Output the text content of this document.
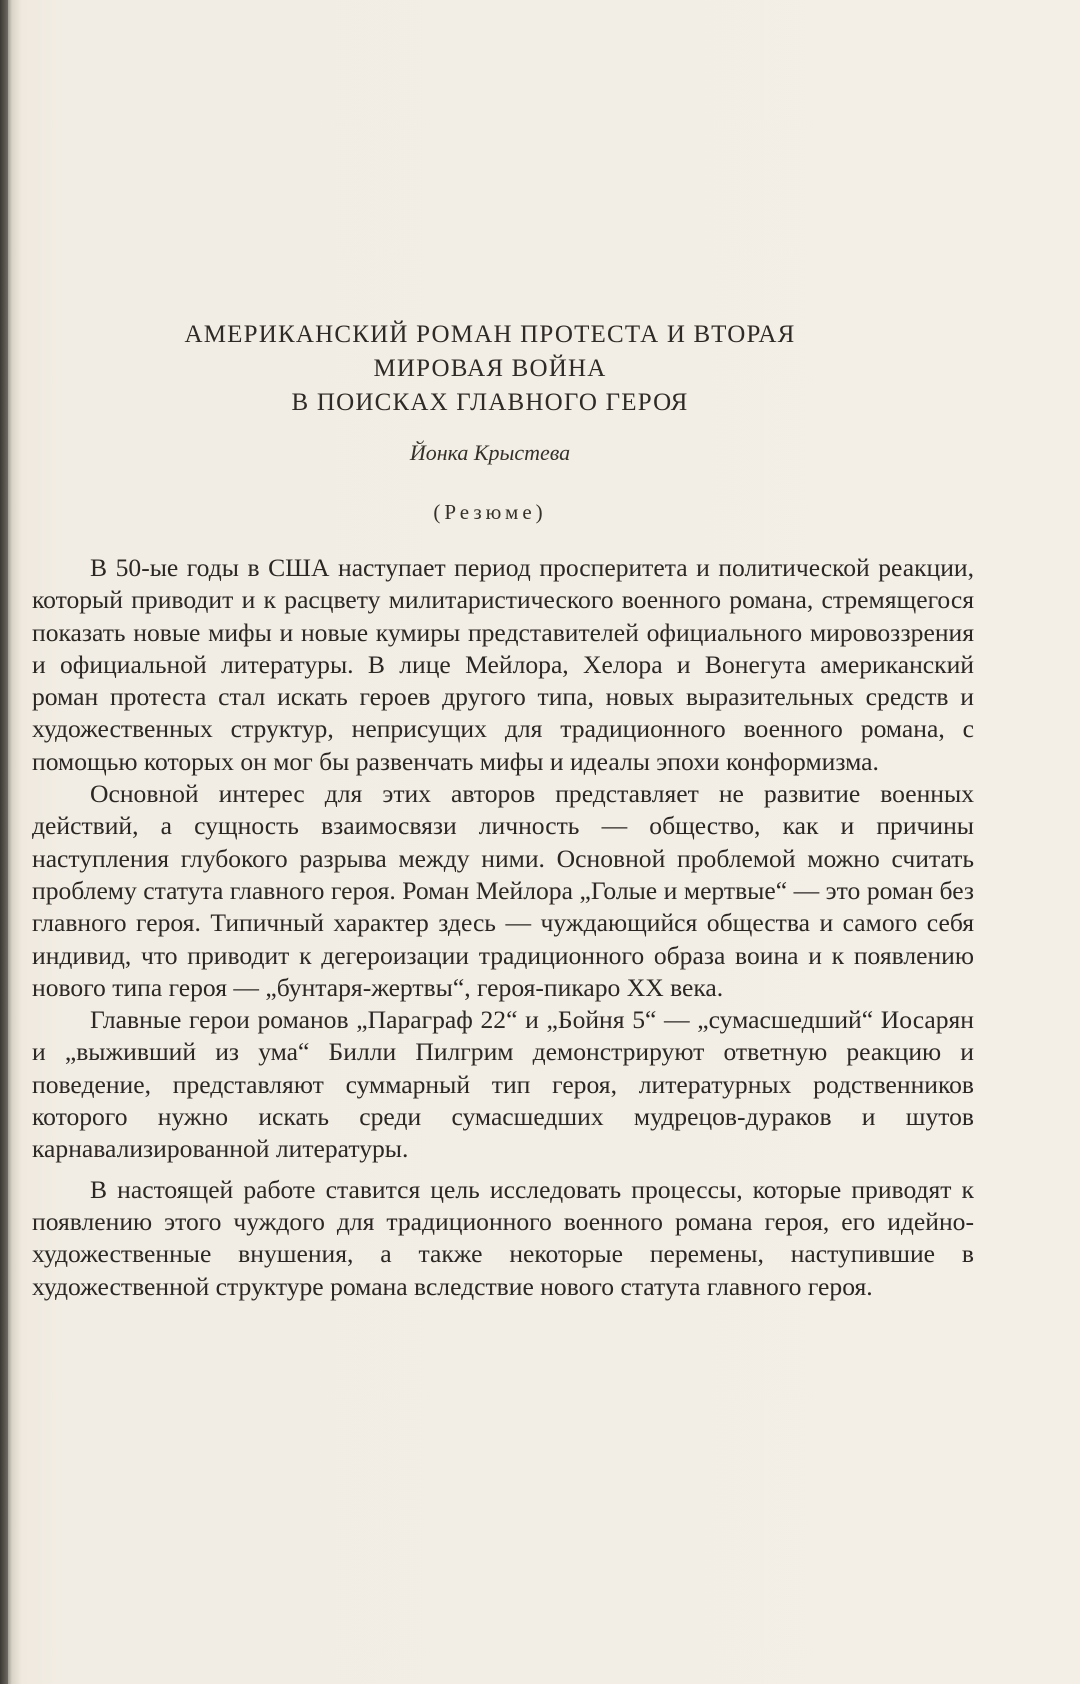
АМЕРИКАНСКИЙ РОМАН ПРОТЕСТА И ВТОРАЯ
МИРОВАЯ ВОЙНА
В ПОИСКАХ ГЛАВНОГО ГЕРОЯ
Йонка Крыстева
(Резюме)

В 50-ые годы в США наступает период просперитета и политической реакции, который приводит и к расцвету милитаристического военного романа, стремящегося показать новые мифы и новые кумиры представителей официального мировоззрения и официальной литературы. В лице Мейлора, Хелора и Вонегута американский роман протеста стал искать героев другого типа, новых выразительных средств и художественных структур, неприсущих для традиционного военного романа, с помощью которых он мог бы развенчать мифы и идеалы эпохи конформизма.

Основной интерес для этих авторов представляет не развитие военных действий, а сущность взаимосвязи личность — общество, как и причины наступления глубокого разрыва между ними. Основной проблемой можно считать проблему статута главного героя. Роман Мейлора „Голые и мертвые“ — это роман без главного героя. Типичный характер здесь — чуждающийся общества и самого себя индивид, что приводит к дегероизации традиционного образа воина и к появлению нового типа героя — „бунтаря-жертвы“, героя-пикаро XX века.

Главные герои романов „Параграф 22“ и „Бойня 5“ — „сумасшедший“ Иосарян и „выживший из ума“ Билли Пилгрим демонстрируют ответную реакцию и поведение, представляют суммарный тип героя, литературных родственников которого нужно искать среди сумасшедших мудрецов-дураков и шутов карнавализированной литературы.

В настоящей работе ставится цель исследовать процессы, которые приводят к появлению этого чуждого для традиционного военного романа героя, его идейно-художественные внушения, а также некоторые перемены, наступившие в художественной структуре романа вследствие нового статута главного героя.
